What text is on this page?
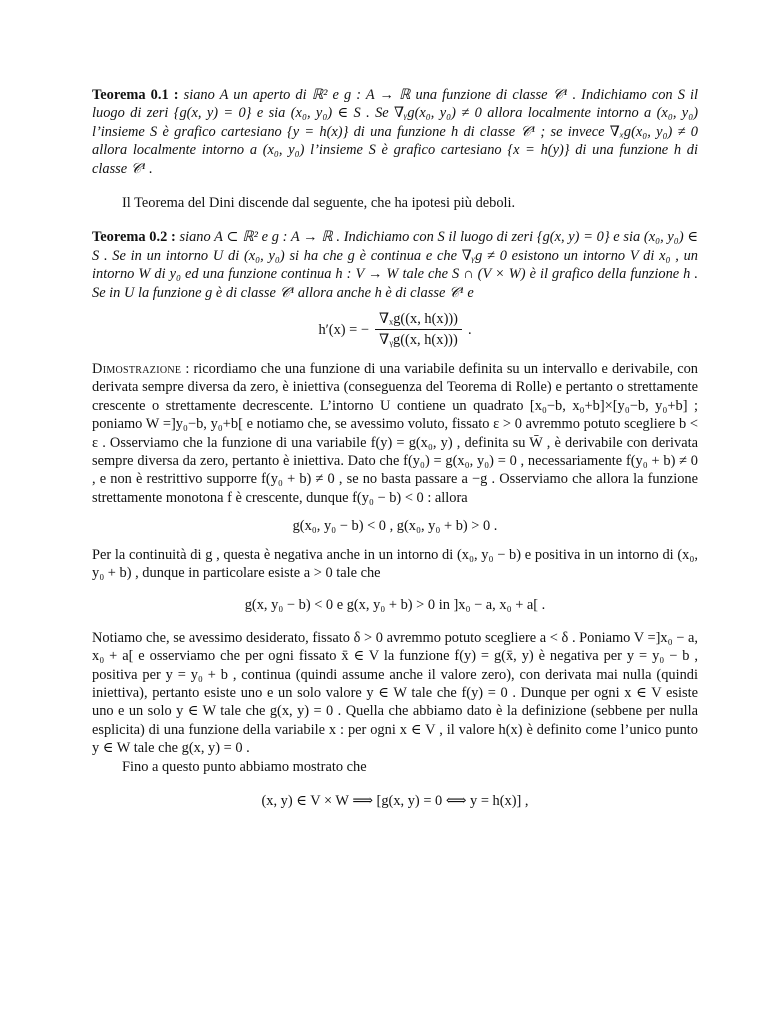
Teorema 0.1 : siano A un aperto di ℝ² e g : A → ℝ una funzione di classe 𝒞¹ . Indichiamo con S il luogo di zeri {g(x, y) = 0} e sia (x₀, y₀) ∈ S . Se ∇ᵧg(x₀, y₀) ≠ 0 allora localmente intorno a (x₀, y₀) l’insieme S è grafico cartesiano {y = h(x)} di una funzione h di classe 𝒞¹ ; se invece ∇ₓg(x₀, y₀) ≠ 0 allora localmente intorno a (x₀, y₀) l’insieme S è grafico cartesiano {x = h(y)} di una funzione h di classe 𝒞¹ .

Il Teorema del Dini discende dal seguente, che ha ipotesi più deboli.

Teorema 0.2 : siano A ⊂ ℝ² e g : A → ℝ . Indichiamo con S il luogo di zeri {g(x, y) = 0} e sia (x₀, y₀) ∈ S . Se in un intorno U di (x₀, y₀) si ha che g è continua e che ∇ᵧg ≠ 0 esistono un intorno V di x₀ , un intorno W di y₀ ed una funzione continua h : V → W tale che S ∩ (V × W) è il grafico della funzione h . Se in U la funzione g è di classe 𝒞¹ allora anche h è di classe 𝒞¹ e

h′(x) = − $\frac{\text{∇ₓg((x, h(x)))}}{\text{∇ᵧg((x, h(x)))}}$ .

Dimostrazione : ricordiamo che una funzione di una variabile definita su un intervallo e derivabile, con derivata sempre diversa da zero, è iniettiva (conseguenza del Teorema di Rolle) e pertanto o strettamente crescente o strettamente decrescente. L’intorno U contiene un quadrato [x₀−b, x₀+b]×[y₀−b, y₀+b] ; poniamo W =]y₀−b, y₀+b[ e notiamo che, se avessimo voluto, fissato ε > 0 avremmo potuto scegliere b < ε . Osserviamo che la funzione di una variabile f(y) = g(x₀, y) , definita su W̄ , è derivabile con derivata sempre diversa da zero, pertanto è iniettiva. Dato che f(y₀) = g(x₀, y₀) = 0 , necessariamente f(y₀ + b) ≠ 0 , e non è restrittivo supporre f(y₀ + b) ≠ 0 , se no basta passare a −g . Osserviamo che allora la funzione strettamente monotona f è crescente, dunque f(y₀ − b) < 0 : allora

g(x₀, y₀ − b) < 0 , g(x₀, y₀ + b) > 0 .

Per la continuità di g , questa è negativa anche in un intorno di (x₀, y₀ − b) e positiva in un intorno di (x₀, y₀ + b) , dunque in particolare esiste a > 0 tale che

g(x, y₀ − b) < 0 e g(x, y₀ + b) > 0 in ]x₀ − a, x₀ + a[ .

Notiamo che, se avessimo desiderato, fissato δ > 0 avremmo potuto scegliere a < δ . Poniamo V =]x₀ − a, x₀ + a[ e osserviamo che per ogni fissato x̄ ∈ V la funzione f(y) = g(x̄, y) è negativa per y = y₀ − b , positiva per y = y₀ + b , continua (quindi assume anche il valore zero), con derivata mai nulla (quindi iniettiva), pertanto esiste uno e un solo valore y ∈ W tale che f(y) = 0 . Dunque per ogni x ∈ V esiste uno e un solo y ∈ W tale che g(x, y) = 0 . Quella che abbiamo dato è la definizione (sebbene per nulla esplicita) di una funzione della variabile x : per ogni x ∈ V , il valore h(x) è definito come l’unico punto y ∈ W tale che g(x, y) = 0 .

Fino a questo punto abbiamo mostrato che

(x, y) ∈ V × W ⟹ [g(x, y) = 0 ⟺ y = h(x)] ,
